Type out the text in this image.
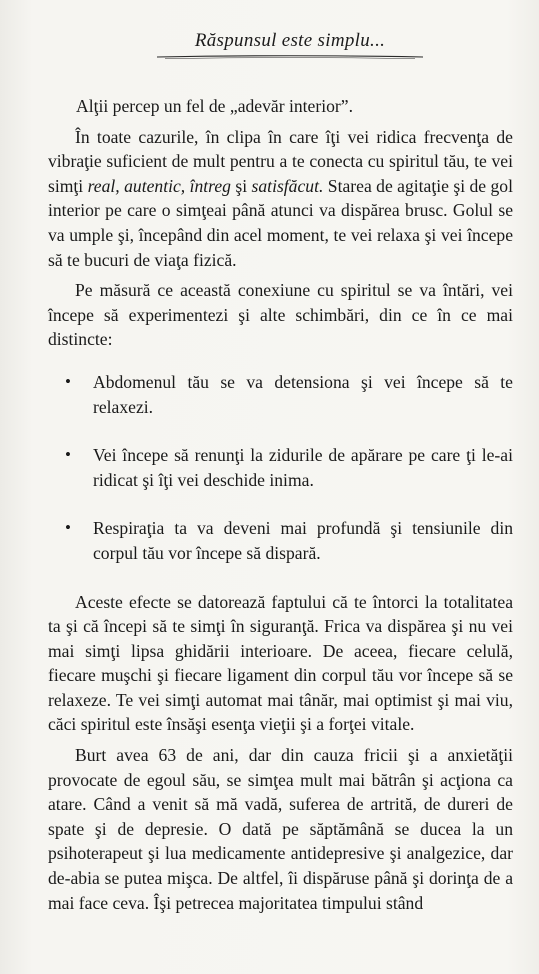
Răspunsul este simplu...

Alţii percep un fel de „adevăr interior”.

În toate cazurile, în clipa în care îţi vei ridica frecvenţa de vibraţie suficient de mult pentru a te conecta cu spiritul tău, te vei simţi real, autentic, întreg şi satisfăcut. Starea de agitaţie şi de gol interior pe care o simţeai până atunci va dispărea brusc. Golul se va umple şi, începând din acel moment, te vei relaxa şi vei începe să te bucuri de viaţa fizică.

Pe măsură ce această conexiune cu spiritul se va întări, vei începe să experimentezi şi alte schimbări, din ce în ce mai distincte:

• Abdomenul tău se va detensiona şi vei începe să te relaxezi.
• Vei începe să renunţi la zidurile de apărare pe care ţi le-ai ridicat şi îţi vei deschide inima.
• Respiraţia ta va deveni mai profundă şi tensiunile din corpul tău vor începe să dispară.

Aceste efecte se datorează faptului că te întorci la totalitatea ta şi că începi să te simţi în siguranţă. Frica va dispărea şi nu vei mai simţi lipsa ghidării interioare. De aceea, fiecare celulă, fiecare muşchi şi fiecare ligament din corpul tău vor începe să se relaxeze. Te vei simţi automat mai tânăr, mai optimist şi mai viu, căci spiritul este însăşi esenţa vieţii şi a forţei vitale.

Burt avea 63 de ani, dar din cauza fricii şi a anxietăţii provocate de egoul său, se simţea mult mai bătrân şi acţiona ca atare. Când a venit să mă vadă, suferea de artrită, de dureri de spate şi de depresie. O dată pe săptămână se ducea la un psihoterapeut şi lua medicamente antidepresive şi analgezice, dar de-abia se putea mişca. De altfel, îi dispăruse până şi dorinţa de a mai face ceva. Îşi petrecea majoritatea timpului stând
